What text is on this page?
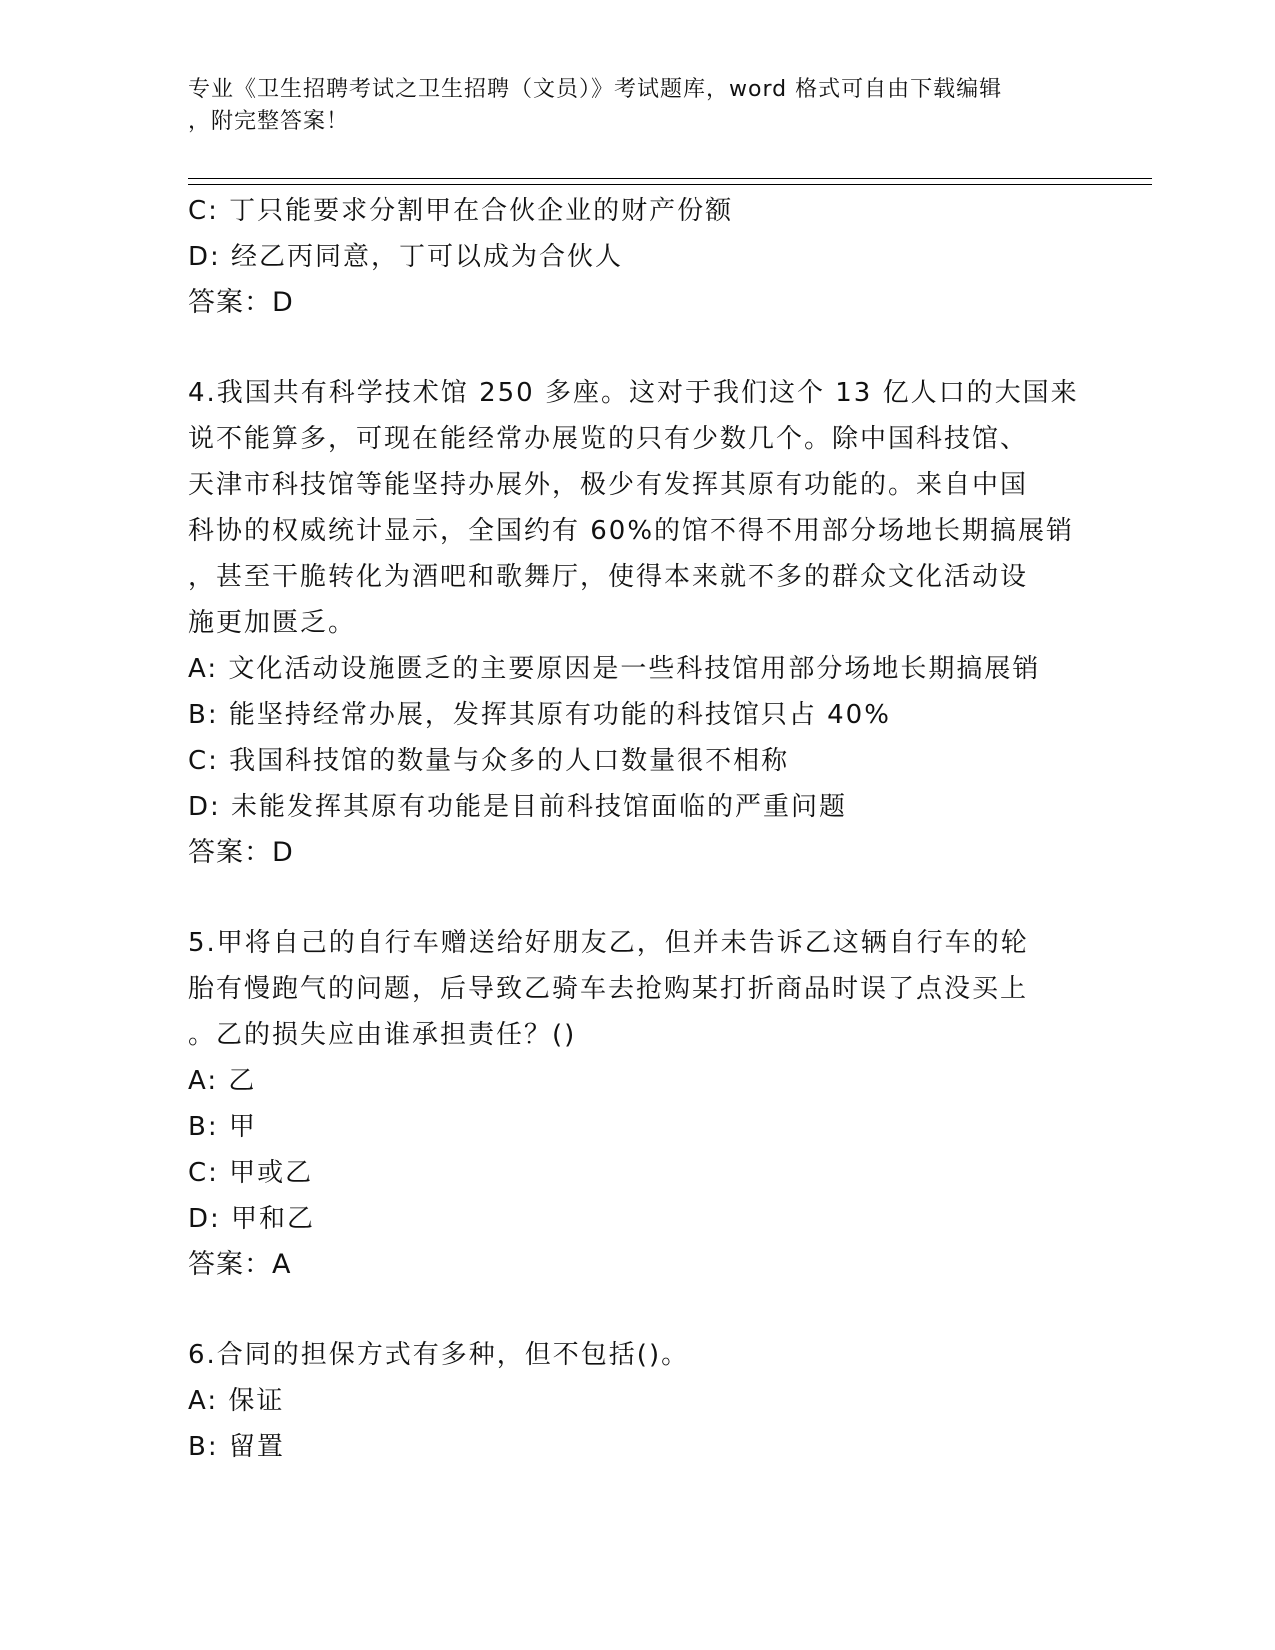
专业《卫生招聘考试之卫生招聘（文员）》考试题库，word 格式可自由下载编辑
，附完整答案！
C: 丁只能要求分割甲在合伙企业的财产份额
D: 经乙丙同意，丁可以成为合伙人
答案：D
4.我国共有科学技术馆 250 多座。这对于我们这个 13 亿人口的大国来
说不能算多，可现在能经常办展览的只有少数几个。除中国科技馆、
天津市科技馆等能坚持办展外，极少有发挥其原有功能的。来自中国
科协的权威统计显示，全国约有 60%的馆不得不用部分场地长期搞展销
，甚至干脆转化为酒吧和歌舞厅，使得本来就不多的群众文化活动设
施更加匮乏。
A: 文化活动设施匮乏的主要原因是一些科技馆用部分场地长期搞展销
B: 能坚持经常办展，发挥其原有功能的科技馆只占 40%
C: 我国科技馆的数量与众多的人口数量很不相称
D: 未能发挥其原有功能是目前科技馆面临的严重问题
答案：D
5.甲将自己的自行车赠送给好朋友乙，但并未告诉乙这辆自行车的轮
胎有慢跑气的问题，后导致乙骑车去抢购某打折商品时误了点没买上
。乙的损失应由谁承担责任？()
A: 乙
B: 甲
C: 甲或乙
D: 甲和乙
答案：A
6.合同的担保方式有多种，但不包括()。
A: 保证
B: 留置
